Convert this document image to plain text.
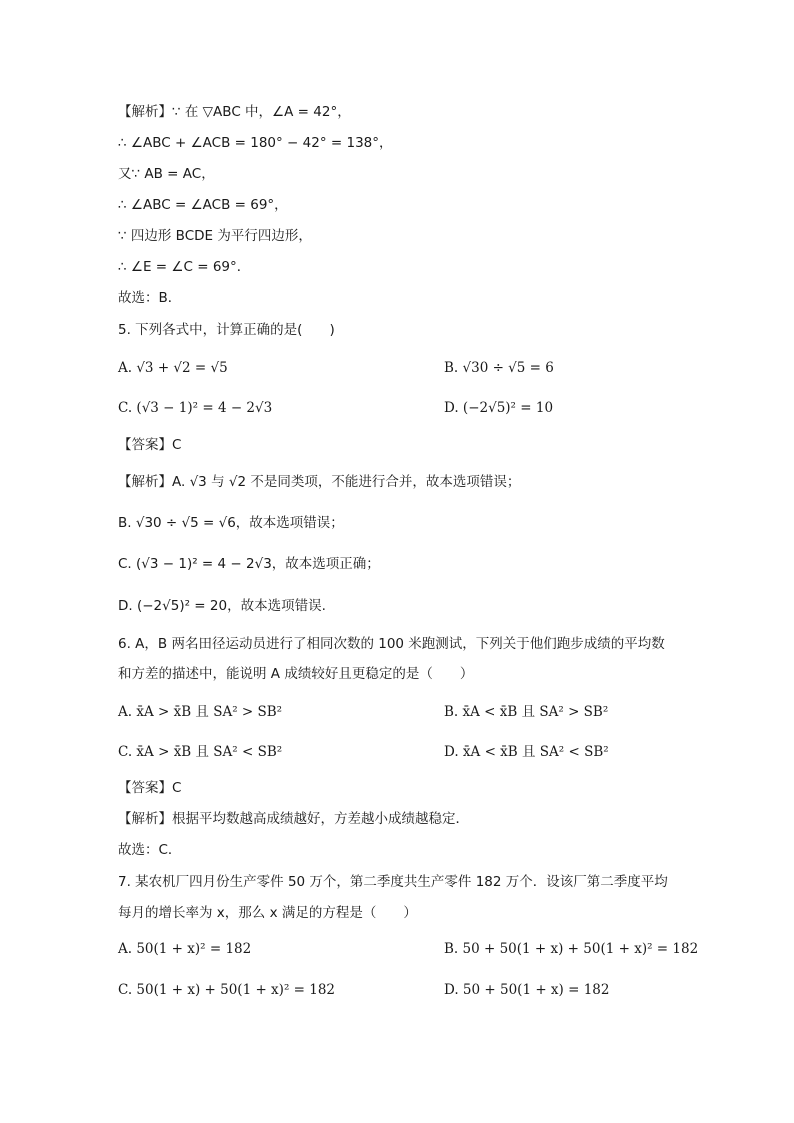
【解析】∵ 在 ▽ABC 中，∠A = 42°，
∴ ∠ABC + ∠ACB = 180° − 42° = 138°，
又∵ AB = AC，
∴ ∠ABC = ∠ACB = 69°，
∵ 四边形 BCDE 为平行四边形，
∴ ∠E = ∠C = 69°．
故选：B．
5. 下列各式中，计算正确的是(　　)
A. √3 + √2 = √5	B. √30 ÷ √5 = 6
C. (√3 − 1)² = 4 − 2√3	D. (−2√5)² = 10
【答案】C
【解析】A. √3 与 √2 不是同类项，不能进行合并，故本选项错误；
B. √30 ÷ √5 = √6，故本选项错误；
C. (√3 − 1)² = 4 − 2√3，故本选项正确；
D. (−2√5)² = 20，故本选项错误.
6. A，B 两名田径运动员进行了相同次数的 100 米跑测试，下列关于他们跑步成绩的平均数
和方差的描述中，能说明 A 成绩较好且更稳定的是（　　）
A. x̄A > x̄B 且 SA² > SB²	B. x̄A < x̄B 且 SA² > SB²
C. x̄A > x̄B 且 SA² < SB²	D. x̄A < x̄B 且 SA² < SB²
【答案】C
【解析】根据平均数越高成绩越好，方差越小成绩越稳定．
故选：C．
7. 某农机厂四月份生产零件 50 万个，第二季度共生产零件 182 万个．设该厂第二季度平均
每月的增长率为 x，那么 x 满足的方程是（　　）
A. 50(1 + x)² = 182	B. 50 + 50(1 + x) + 50(1 + x)² = 182
C. 50(1 + x) + 50(1 + x)² = 182	D. 50 + 50(1 + x) = 182
